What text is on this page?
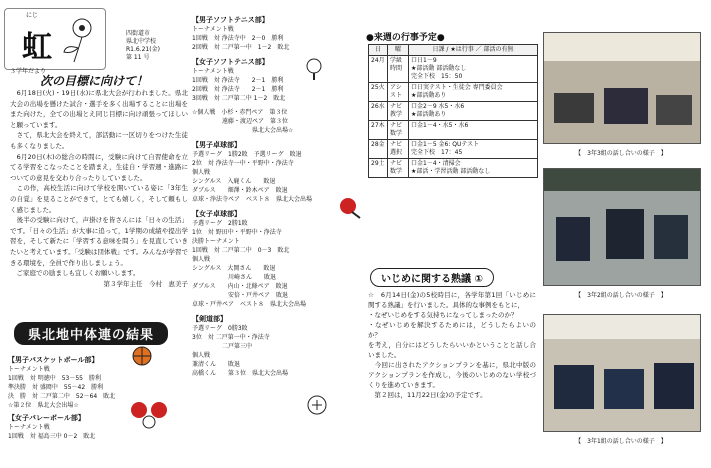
にじ
虹	四街道市
県北中学校
R1.6.21(金)
第 11 号
３学年だより
次の目標に向けて！
　6月18日(火)・19日(水)に県北大会が行われました。県北大会の出場を懸けた試合・選手を多く出場することに出場をまた向けた，全ての出場とえ同じ目標に向け頑張ってほしいと願っています。
　さて，県北大会を終えて，部活動に一区切りをつけた生徒も多くなりました。
　6月20日(木)の総合の時間に，受験に向けて自習使命を立てる学習をこなったことを踏まえ，生徒自・学習週・進路についての意見を交わり合ったりしていました。
　この作，高校生活に向けて学校を開いている姿に「3年生の自覚」を見ることができて，とても嬉しく，そして頼もしく感じました。
　後半の受験に向けて，声掛けを皆さんには「日々の生活」です。「日々の生活」が大事に追って，1学期の成績や提出学習を，そして新たに「学習する意味を問う」を見直していきたいと考えています。「受験は団体戦」です。みんなが学習できる環境を，全員で作り出しましょう。
　ご家庭での励ましも宜しくお願いします。
第３学年主任　今村　恵美子
県北地中体連の結果
【男子バスケットボール部】
トーナメント戦
1回戦　対 明徳中　53－55　勝利
準決勝　対 盛岡中　55－42　勝利
決　勝　対 二戸第二中　52－64　敗北
☆第２位　県北大会出場☆
【女子バレーボール部】
トーナメント戦
1回戦　対 福島三中 0－2　敗北
【男子ソフトテニス部】
トーナメント戦
1回戦　対 浄法寺中　2－0　勝利
2回戦　対 二戸第一中　1－2　敗北
【女子ソフトテニス部】
トーナメント戦
1回戦　対 浄法寺　　2－1　勝利
2回戦　対 浄法寺　　2－1　勝利
3回戦　対 二戸第二中 1－2　敗北
☆個人戦　小杉・赤門ペア　第３位
　　　　　遠藤・渡辺ペア　第３位
　　　　　　　　　　県北大会出場☆
【男子卓球部】
予選リーグ　1勝2敗　予選リーグ　敗退
2位　対 浄法寺一中・平野中・浄法寺
個人戦
シングルス　入鹿くん　　敗退
ダブルス　　畑澤・鈴木ペア　敗退
卓球・浄法寺ペア　ベスト８　県北大会出場
【女子卓球部】
予選リーグ　2勝1敗
1位　対 野田中・平野中・浄法寺
決勝トーナメント
1回戦　対 二戸第二中　0－3　敗北
個人戦
シングルス　大岡さん　　敗退
　　　　　　川崎さん　　敗退
ダブルス　　内山・北條ペア　敗退
　　　　　　安倍・戸井ペア　敗退
卓球・戸井ペア　ベスト８　県北大会出場
【剣道部】
予選リーグ　0勝3敗
3位　対 二戸第一中・浄法寺
　　　　　二戸第三中
個人戦
兼清くん　　敗退
高橋くん　　第３位　県北大会出場
●来週の行事予定●
日	曜	日課 / ★は行事 ／ 部活の有無
24月	学級 時間	口日1－9
★部活動 部活動なし
完全下校　15：50
25火	アシ スト	口日実テスト・生徒会 専門委員会
★部活動あり
26水	ナビ 教学	口金2－9 水5・水6
★部活動あり
27木	ナビ 数学	口金1－4・水5・水6
28金	ナビ 選択	口金1－5 金6: QUテスト
完全下校　17：45
29土	ナビ 数学	口金1－4・清掃会
★部活・学習活動 部活動なし
いじめに関する熟議 ①
☆　6月14日(金)の5校時目に，各学年第1回「いじめに関する熟議」を行いました。具体的な事例をもとに，
・なぜいじめをする気持ちになってしまったのか？
・なぜいじめを解決するためには，どうしたらよいのか？
を考え，自分にはどうしたらいいかということと話し合いました。
　今回に出されたアクションプランを基に，県北中版のアクションプランを作成し，今後のいじめのない学校づくりを進めていきます。
　第２回は，11月22日(金)の予定です。
【　3年3組の話し合いの様子　】
【　3年2組の話し合いの様子　】
【　3年1組の話し合いの様子　】
